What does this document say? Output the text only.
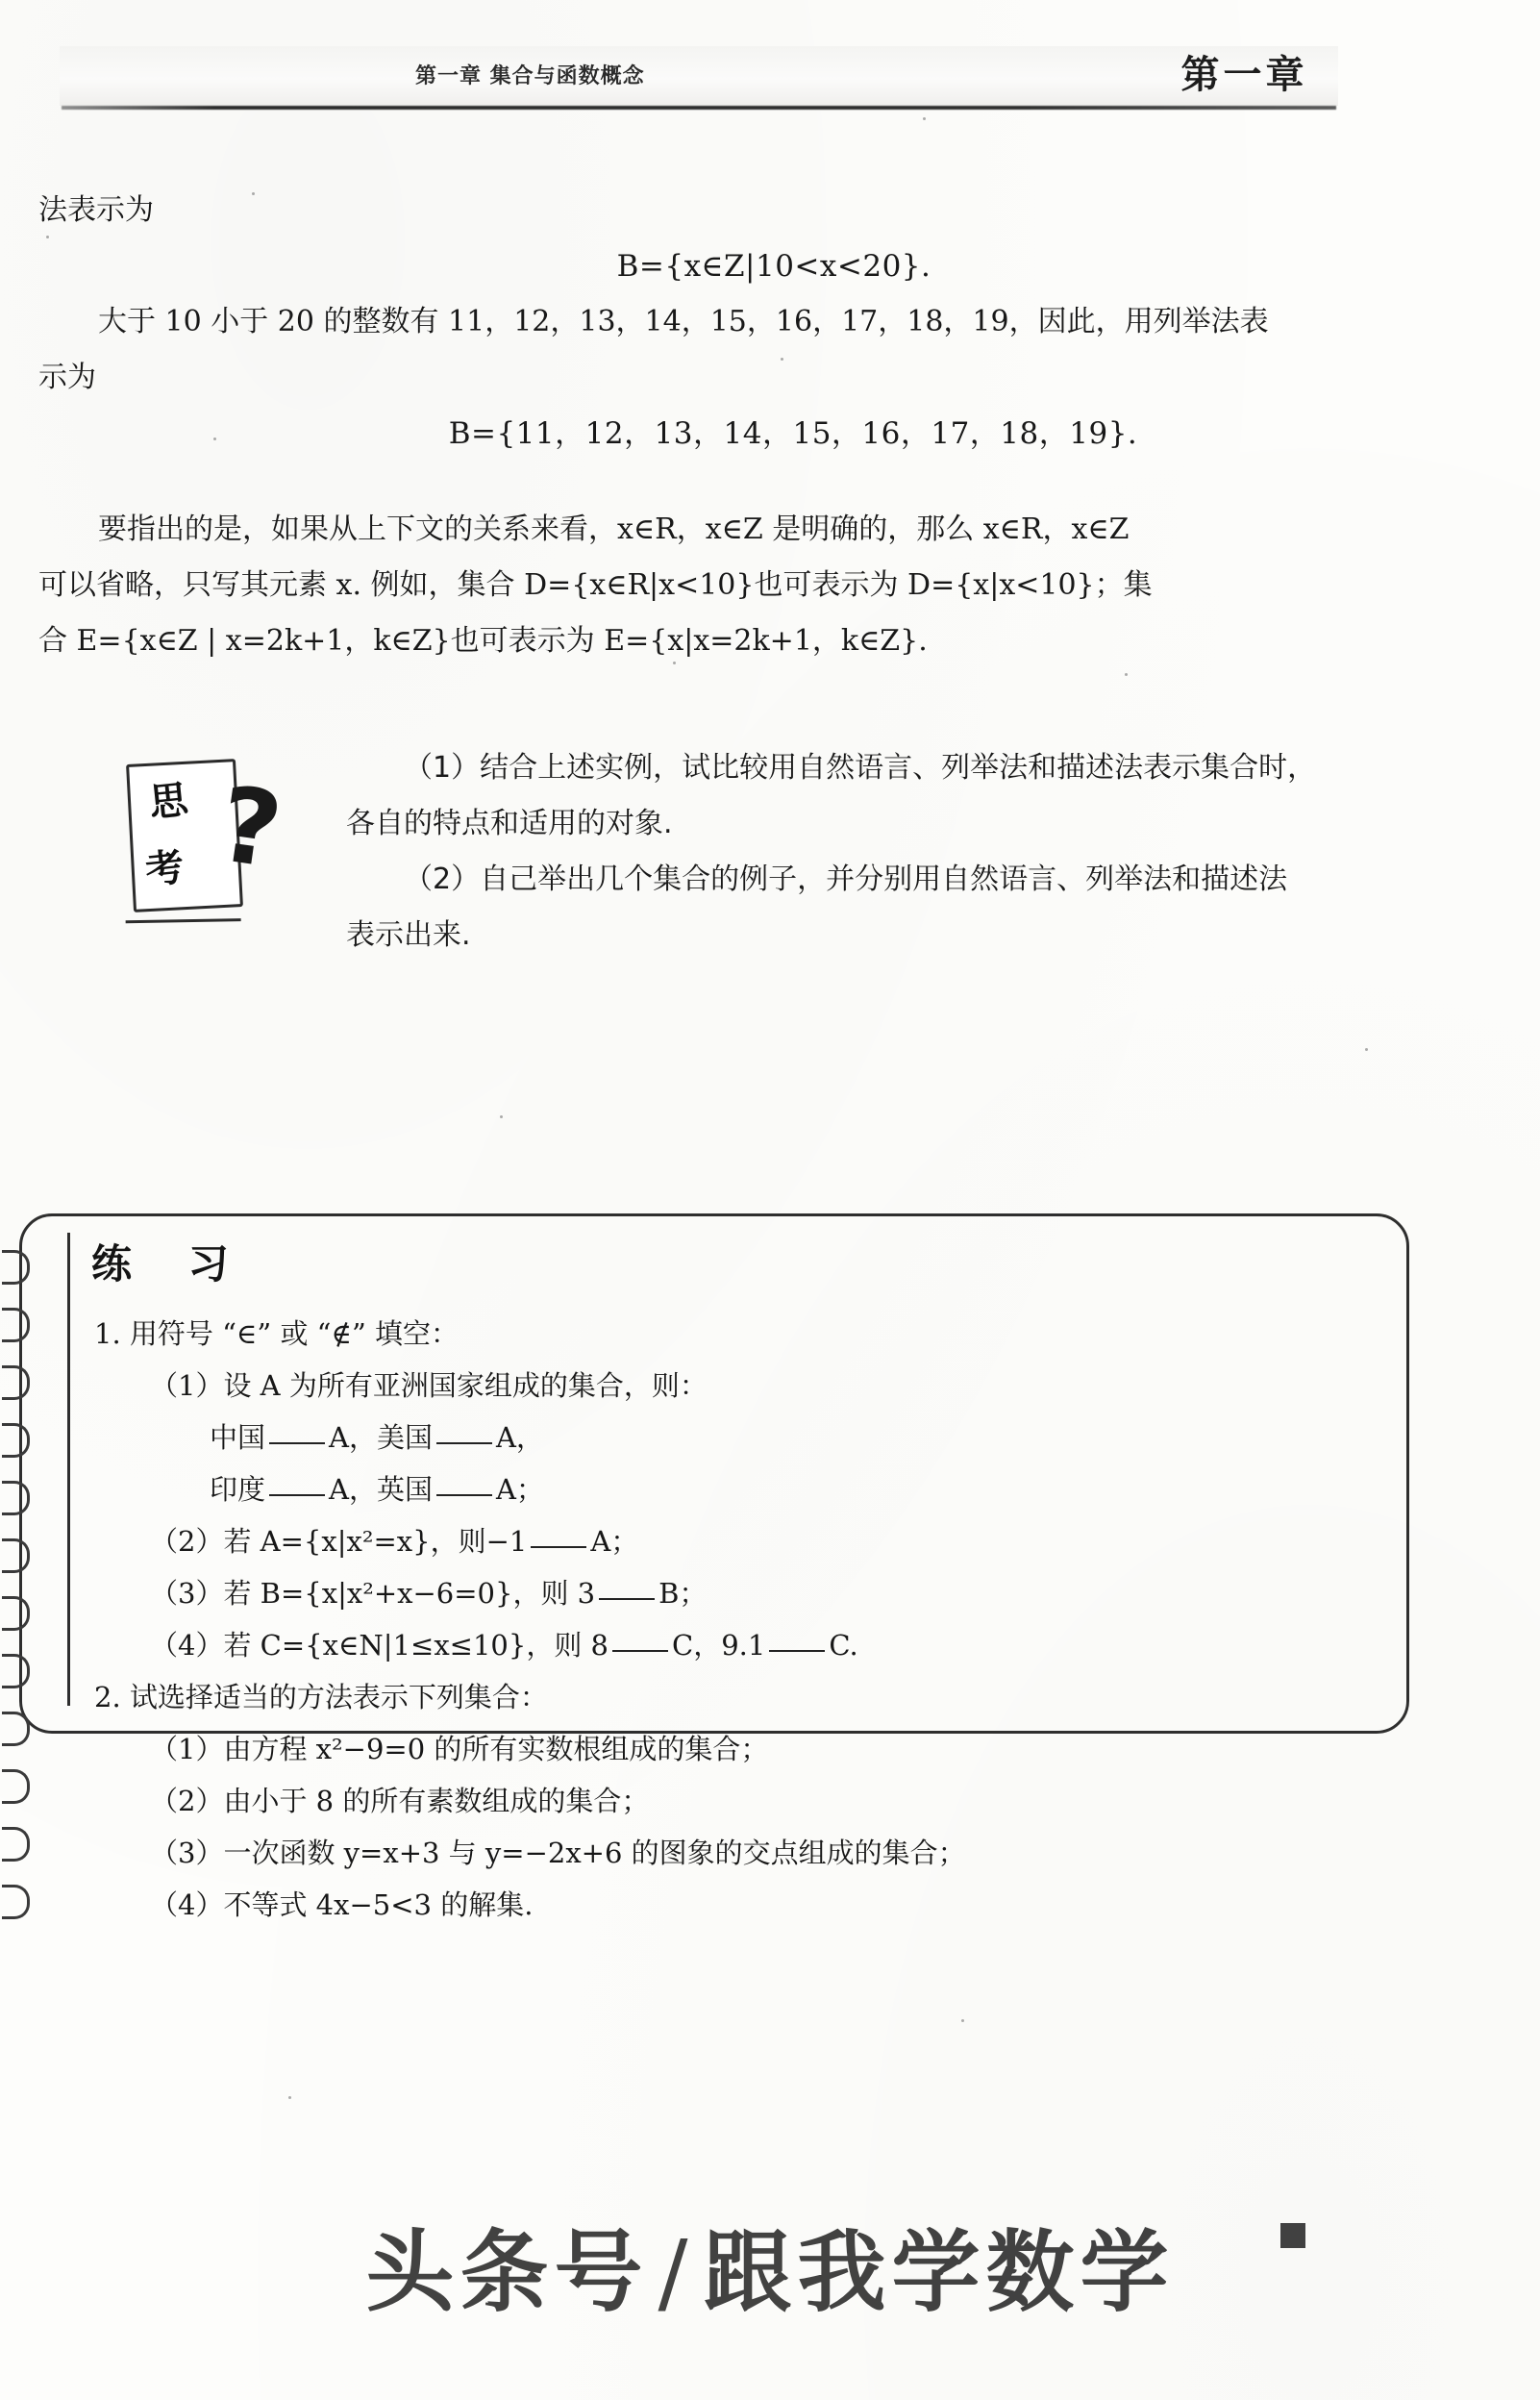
第一章 集合与函数概念	第一章
法表示为
B={x∈Z|10<x<20}.
大于 10 小于 20 的整数有 11，12，13，14，15，16，17，18，19，因此，用列举法表
示为
B={11，12，13，14，15，16，17，18，19}.
要指出的是，如果从上下文的关系来看，x∈R，x∈Z 是明确的，那么 x∈R，x∈Z
可以省略，只写其元素 x. 例如，集合 D={x∈R|x<10}也可表示为 D={x|x<10}；集
合 E={x∈Z | x=2k+1，k∈Z}也可表示为 E={x|x=2k+1，k∈Z}.
思
考 ?	（1）结合上述实例，试比较用自然语言、列举法和描述法表示集合时，
各自的特点和适用的对象.
（2）自己举出几个集合的例子，并分别用自然语言、列举法和描述法
表示出来.
练 习
1. 用符号 “∈” 或 “∉” 填空：
（1）设 A 为所有亚洲国家组成的集合，则：
中国 A，美国 A，
印度 A，英国 A；
（2）若 A={x|x²=x}，则−1 A；
（3）若 B={x|x²+x−6=0}，则 3 B；
（4）若 C={x∈N|1≤x≤10}，则 8 C，9.1 C.
2. 试选择适当的方法表示下列集合：
（1）由方程 x²−9=0 的所有实数根组成的集合；
（2）由小于 8 的所有素数组成的集合；
（3）一次函数 y=x+3 与 y=−2x+6 的图象的交点组成的集合；
（4）不等式 4x−5<3 的解集.
头条号 / 跟我学数学
